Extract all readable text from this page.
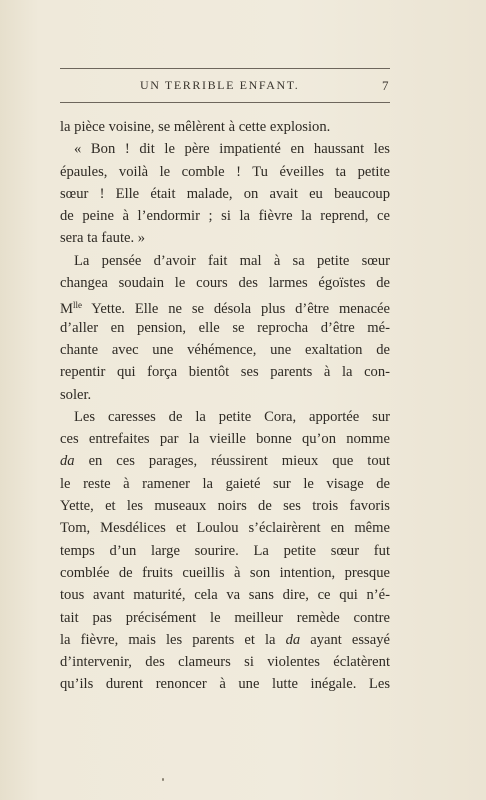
UN TERRIBLE ENFANT.	7
la pièce voisine, se mêlèrent à cette explosion.
« Bon ! dit le père impatienté en haussant les
épaules, voilà le comble ! Tu éveilles ta petite
sœur ! Elle était malade, on avait eu beaucoup
de peine à l’endormir ; si la fièvre la reprend, ce
sera ta faute. »
La pensée d’avoir fait mal à sa petite sœur
changea soudain le cours des larmes égoïstes de
$M^{lle}$ Yette. Elle ne se désola plus d’être menacée
d’aller en pension, elle se reprocha d’être mé-
chante avec une véhémence, une exaltation de
repentir qui força bientôt ses parents à la con-
soler.
Les caresses de la petite Cora, apportée sur
ces entrefaites par la vieille bonne qu’on nomme
da en ces parages, réussirent mieux que tout
le reste à ramener la gaieté sur le visage de
Yette, et les museaux noirs de ses trois favoris
Tom, Mesdélices et Loulou s’éclairèrent en même
temps d’un large sourire. La petite sœur fut
comblée de fruits cueillis à son intention, presque
tous avant maturité, cela va sans dire, ce qui n’é-
tait pas précisément le meilleur remède contre
la fièvre, mais les parents et la da ayant essayé
d’intervenir, des clameurs si violentes éclatèrent
qu’ils durent renoncer à une lutte inégale. Les
